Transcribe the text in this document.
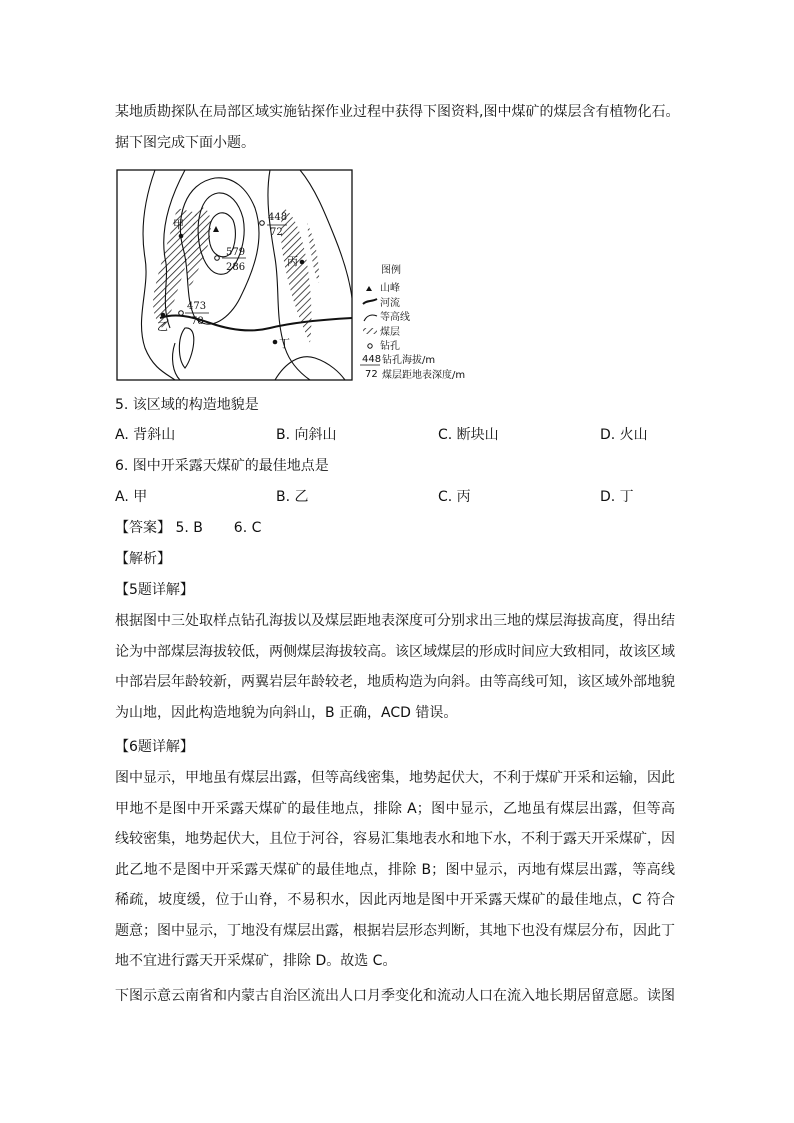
某地质勘探队在局部区域实施钻探作业过程中获得下图资料,图中煤矿的煤层含有植物化石。
据下图完成下面小题。
448
72
579
286
473
78
甲
乙
丙
丁
图例
山峰
河流
等高线
煤层
钻孔
448
72
钻孔海拔/m
煤层距地表深度/m
5. 该区域的构造地貌是
A. 背斜山	B. 向斜山	C. 断块山	D. 火山
6. 图中开采露天煤矿的最佳地点是
A. 甲	B. 乙	C. 丙	D. 丁
【答案】 5. B 6. C
【解析】
【5题详解】
根据图中三处取样点钻孔海拔以及煤层距地表深度可分别求出三地的煤层海拔高度，得出结论为中部煤层海拔较低，两侧煤层海拔较高。该区域煤层的形成时间应大致相同，故该区域中部岩层年龄较新，两翼岩层年龄较老，地质构造为向斜。由等高线可知，该区域外部地貌为山地，因此构造地貌为向斜山，B 正确，ACD 错误。
【6题详解】
图中显示，甲地虽有煤层出露，但等高线密集，地势起伏大，不利于煤矿开采和运输，因此甲地不是图中开采露天煤矿的最佳地点，排除 A；图中显示，乙地虽有煤层出露，但等高线较密集，地势起伏大，且位于河谷，容易汇集地表水和地下水，不利于露天开采煤矿，因此乙地不是图中开采露天煤矿的最佳地点，排除 B；图中显示，丙地有煤层出露，等高线稀疏，坡度缓，位于山脊，不易积水，因此丙地是图中开采露天煤矿的最佳地点，C 符合题意；图中显示，丁地没有煤层出露，根据岩层形态判断，其地下也没有煤层分布，因此丁地不宜进行露天开采煤矿，排除 D。故选 C。
下图示意云南省和内蒙古自治区流出人口月季变化和流动人口在流入地长期居留意愿。读图
